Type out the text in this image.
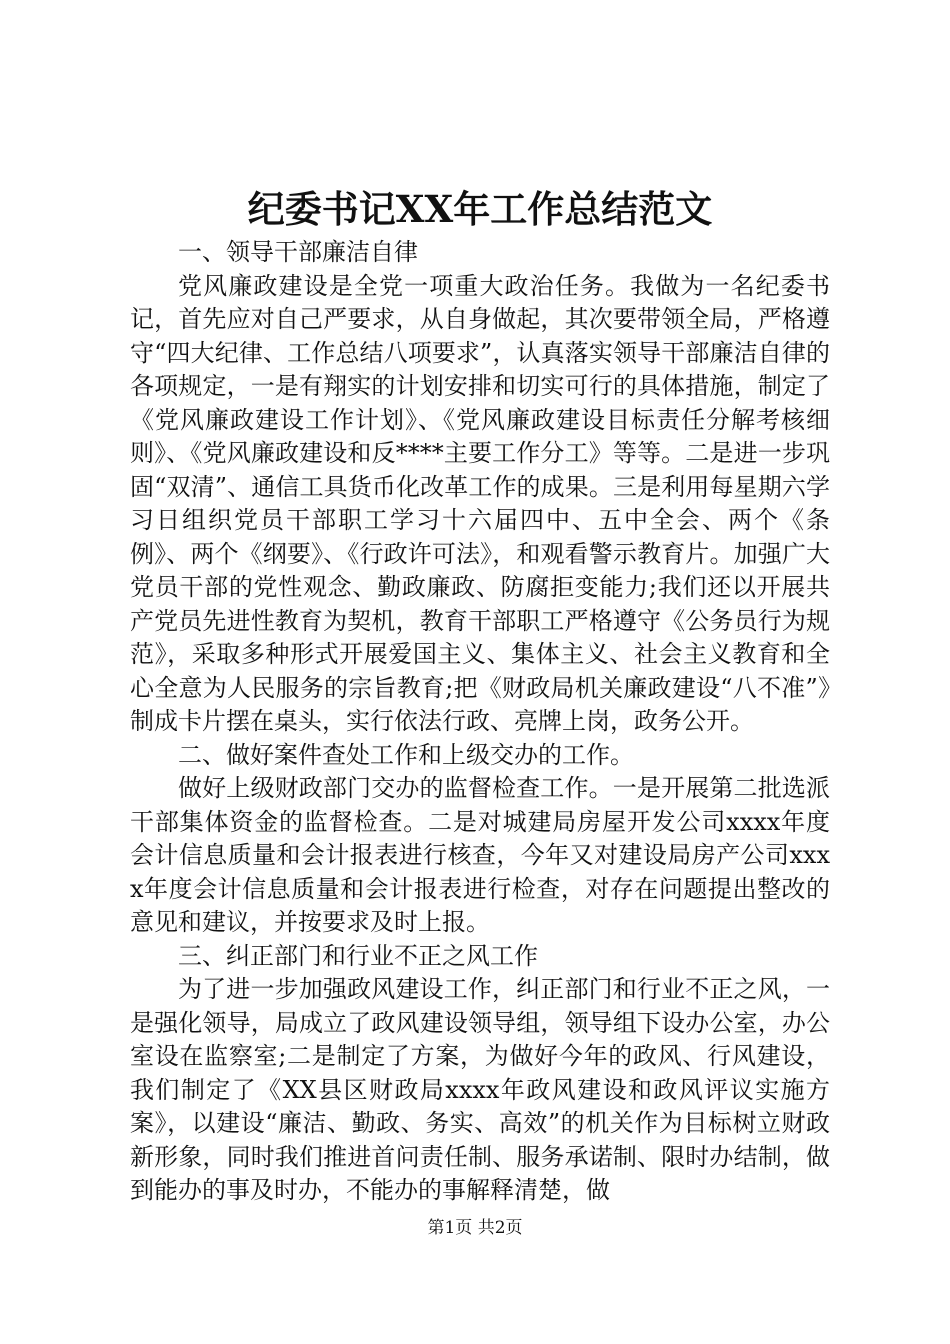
纪委书记XX年工作总结范文

一、领导干部廉洁自律

党风廉政建设是全党一项重大政治任务。我做为一名纪委书记，首先应对自己严要求，从自身做起，其次要带领全局，严格遵守“四大纪律、工作总结八项要求”，认真落实领导干部廉洁自律的各项规定，一是有翔实的计划安排和切实可行的具体措施，制定了《党风廉政建设工作计划》、《党风廉政建设目标责任分解考核细则》、《党风廉政建设和反****主要工作分工》等等。二是进一步巩固“双清”、通信工具货币化改革工作的成果。三是利用每星期六学习日组织党员干部职工学习十六届四中、五中全会、两个《条例》、两个《纲要》、《行政许可法》，和观看警示教育片。加强广大党员干部的党性观念、勤政廉政、防腐拒变能力;我们还以开展共产党员先进性教育为契机，教育干部职工严格遵守《公务员行为规范》，采取多种形式开展爱国主义、集体主义、社会主义教育和全心全意为人民服务的宗旨教育;把《财政局机关廉政建设“八不准”》制成卡片摆在桌头，实行依法行政、亮牌上岗，政务公开。

二、做好案件查处工作和上级交办的工作。

做好上级财政部门交办的监督检查工作。一是开展第二批选派干部集体资金的监督检查。二是对城建局房屋开发公司xxxx年度会计信息质量和会计报表进行核查，今年又对建设局房产公司xxxx年度会计信息质量和会计报表进行检查，对存在问题提出整改的意见和建议，并按要求及时上报。

三、纠正部门和行业不正之风工作

为了进一步加强政风建设工作，纠正部门和行业不正之风，一是强化领导，局成立了政风建设领导组，领导组下设办公室，办公室设在监察室;二是制定了方案，为做好今年的政风、行风建设，我们制定了《XX县区财政局xxxx年政风建设和政风评议实施方案》，以建设“廉洁、勤政、务实、高效”的机关作为目标树立财政新形象，同时我们推进首问责任制、服务承诺制、限时办结制，做到能办的事及时办，不能办的事解释清楚，做

第1页 共2页
